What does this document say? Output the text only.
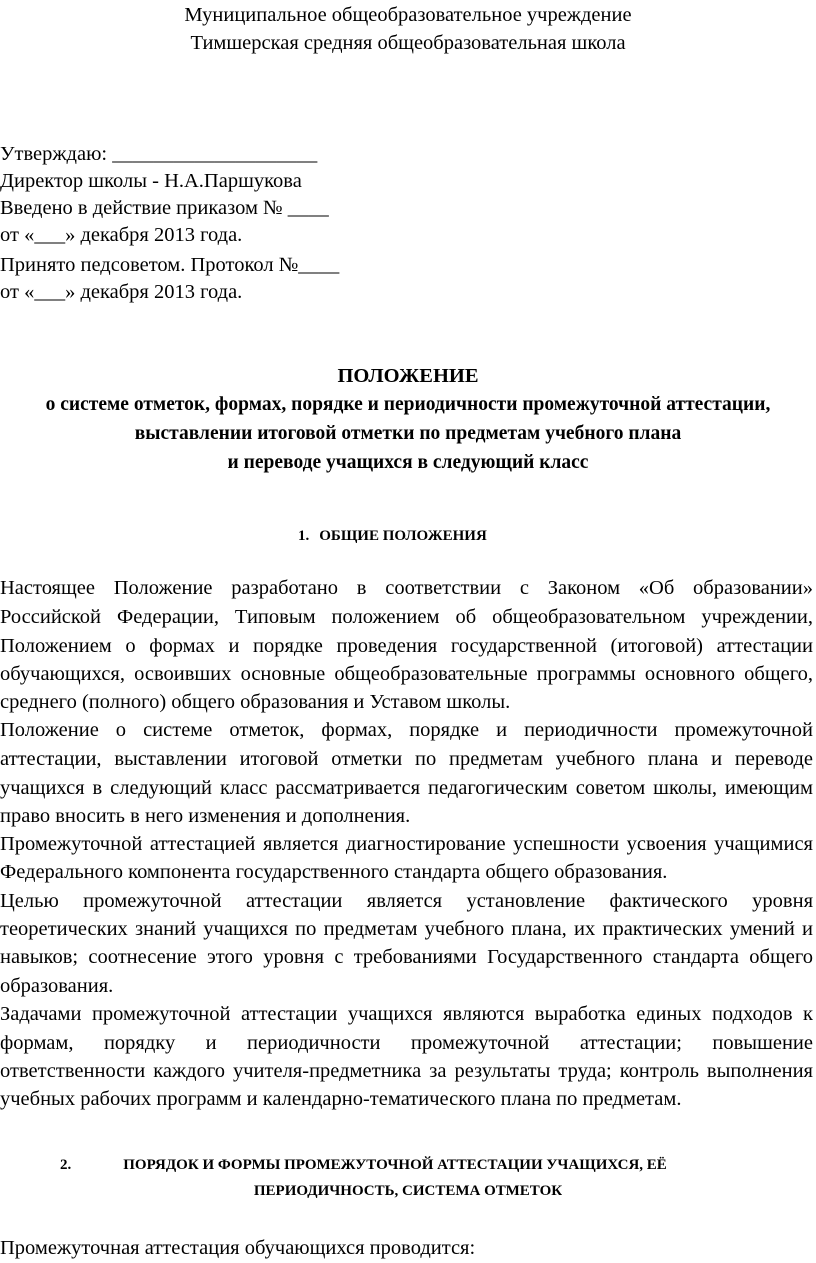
Муниципальное общеобразовательное учреждение
Тимшерская средняя общеобразовательная школа
Утверждаю: ____________________
Директор школы - Н.А.Паршукова
Введено в действие приказом № ____
от «___» декабря 2013 года.
Принято педсоветом. Протокол №____
от «___» декабря 2013 года.
ПОЛОЖЕНИЕ
о системе отметок, формах, порядке и периодичности промежуточной аттестации,
выставлении итоговой отметки по предметам учебного плана
и переводе учащихся в следующий класс
1. ОБЩИЕ ПОЛОЖЕНИЯ
Настоящее Положение разработано в соответствии с Законом «Об образовании»
Российской Федерации, Типовым положением об общеобразовательном учреждении,
Положением о формах и порядке проведения государственной (итоговой) аттестации
обучающихся, освоивших основные общеобразовательные программы основного общего,
среднего (полного) общего образования и Уставом школы.
Положение о системе отметок, формах, порядке и периодичности промежуточной
аттестации, выставлении итоговой отметки по предметам учебного плана и переводе
учащихся в следующий класс рассматривается педагогическим советом школы, имеющим
право вносить в него изменения и дополнения.
Промежуточной аттестацией является диагностирование успешности усвоения учащимися
Федерального компонента государственного стандарта общего образования.
Целью промежуточной аттестации является установление фактического уровня
теоретических знаний учащихся по предметам учебного плана, их практических умений и
навыков; соотнесение этого уровня с требованиями Государственного стандарта общего
образования.
Задачами промежуточной аттестации учащихся являются выработка единых подходов к
формам, порядку и периодичности промежуточной аттестации; повышение
ответственности каждого учителя-предметника за результаты труда; контроль выполнения
учебных рабочих программ и календарно-тематического плана по предметам.
2.	ПОРЯДОК И ФОРМЫ ПРОМЕЖУТОЧНОЙ АТТЕСТАЦИИ УЧАЩИХСЯ, ЕЁ
ПЕРИОДИЧНОСТЬ, СИСТЕМА ОТМЕТОК
Промежуточная аттестация обучающихся проводится:
